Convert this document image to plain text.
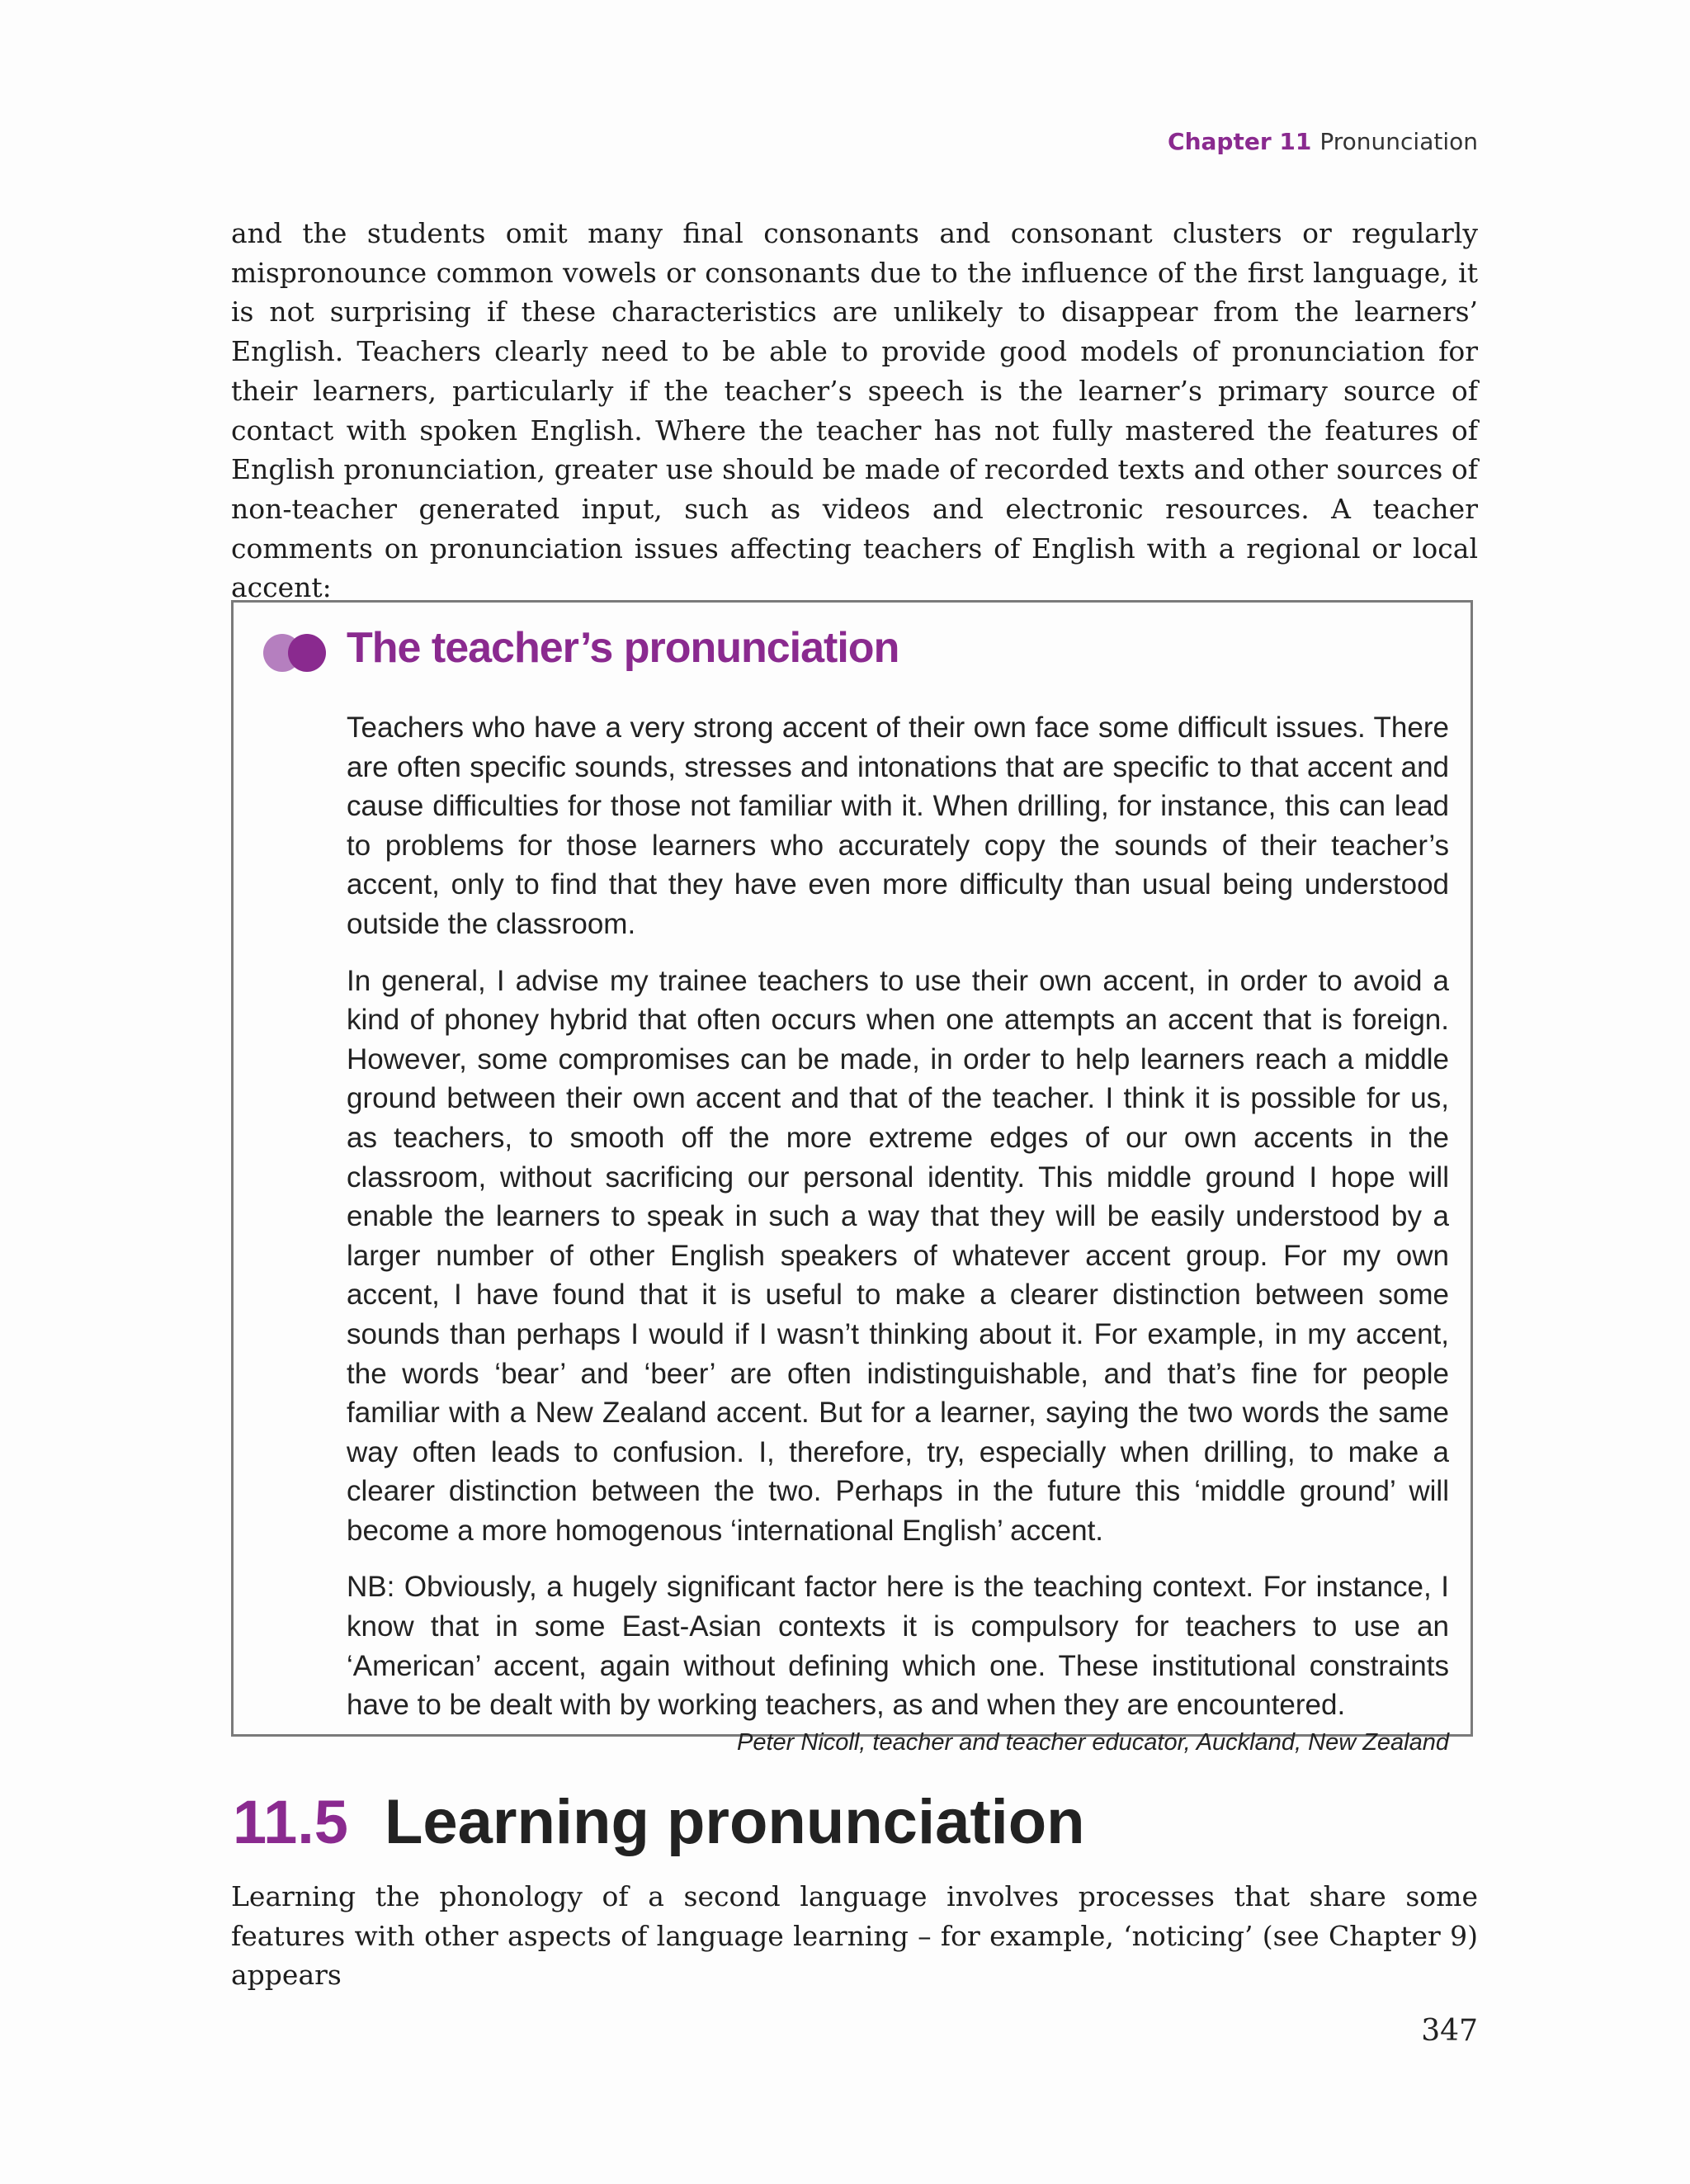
Chapter 11 Pronunciation

and the students omit many final consonants and consonant clusters or regularly mispronounce common vowels or consonants due to the influence of the first language, it is not surprising if these characteristics are unlikely to disappear from the learners’ English. Teachers clearly need to be able to provide good models of pronunciation for their learners, particularly if the teacher’s speech is the learner’s primary source of contact with spoken English. Where the teacher has not fully mastered the features of English pronunciation, greater use should be made of recorded texts and other sources of non-teacher generated input, such as videos and electronic resources. A teacher comments on pronunciation issues affecting teachers of English with a regional or local accent:

The teacher’s pronunciation

Teachers who have a very strong accent of their own face some difficult issues. There are often specific sounds, stresses and intonations that are specific to that accent and cause difficulties for those not familiar with it. When drilling, for instance, this can lead to problems for those learners who accurately copy the sounds of their teacher’s accent, only to find that they have even more difficulty than usual being understood outside the classroom.

In general, I advise my trainee teachers to use their own accent, in order to avoid a kind of phoney hybrid that often occurs when one attempts an accent that is foreign. However, some compromises can be made, in order to help learners reach a middle ground between their own accent and that of the teacher. I think it is possible for us, as teachers, to smooth off the more extreme edges of our own accents in the classroom, without sacrificing our personal identity. This middle ground I hope will enable the learners to speak in such a way that they will be easily understood by a larger number of other English speakers of whatever accent group. For my own accent, I have found that it is useful to make a clearer distinction between some sounds than perhaps I would if I wasn’t thinking about it. For example, in my accent, the words ‘bear’ and ‘beer’ are often indistinguishable, and that’s fine for people familiar with a New Zealand accent. But for a learner, saying the two words the same way often leads to confusion. I, therefore, try, especially when drilling, to make a clearer distinction between the two. Perhaps in the future this ‘middle ground’ will become a more homogenous ‘international English’ accent.

NB: Obviously, a hugely significant factor here is the teaching context. For instance, I know that in some East-Asian contexts it is compulsory for teachers to use an ‘American’ accent, again without defining which one. These institutional constraints have to be dealt with by working teachers, as and when they are encountered.

Peter Nicoll, teacher and teacher educator, Auckland, New Zealand
11.5 Learning pronunciation

Learning the phonology of a second language involves processes that share some features with other aspects of language learning – for example, ‘noticing’ (see Chapter 9) appears

347
